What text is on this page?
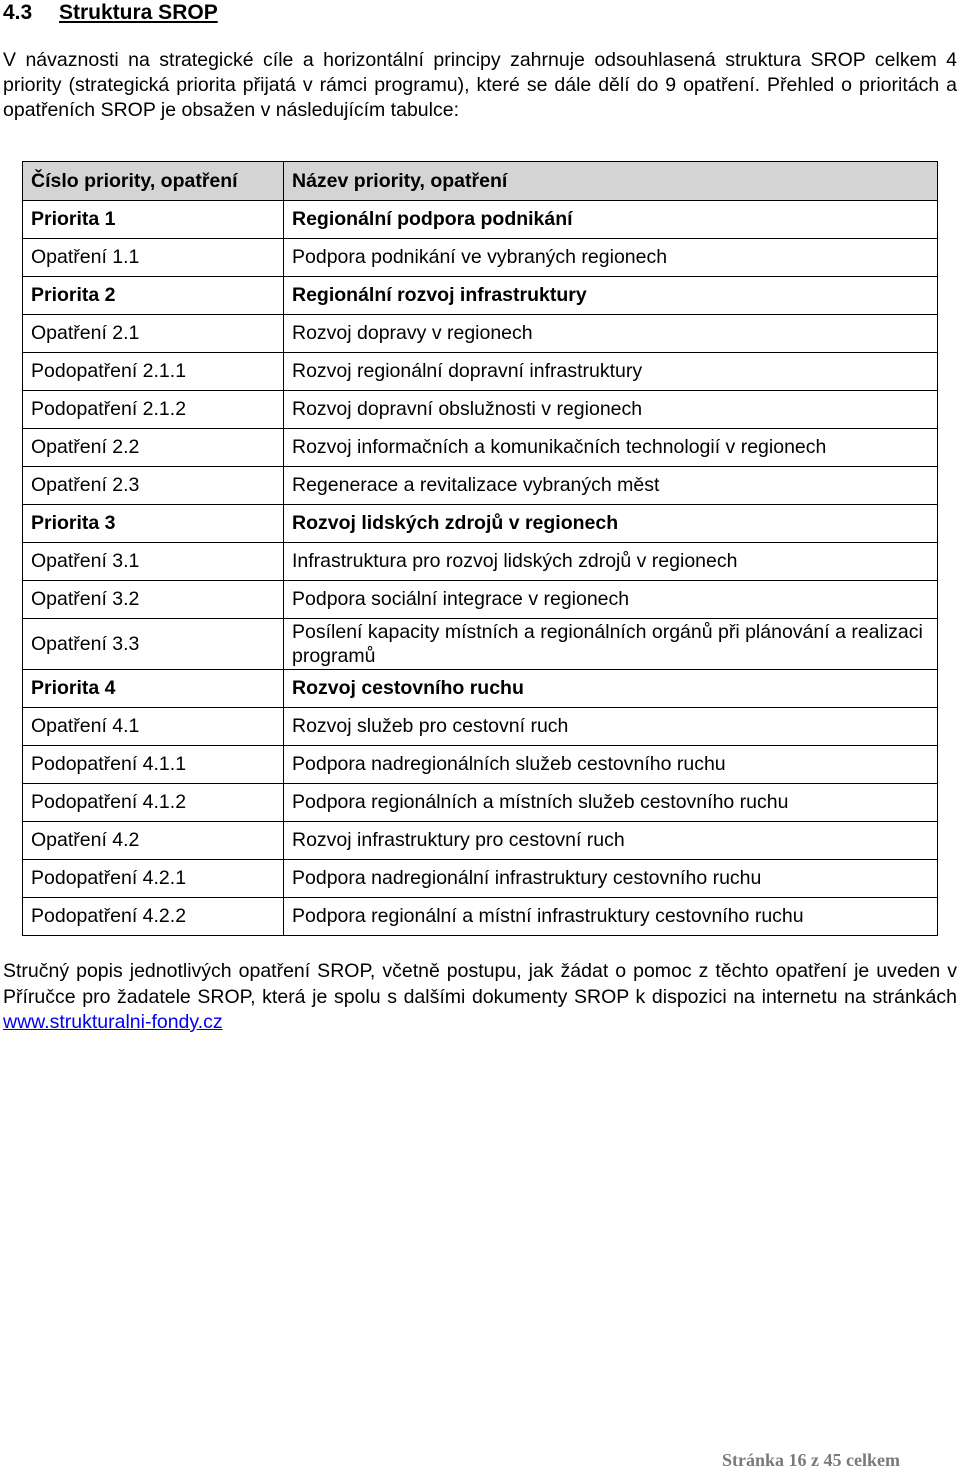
4.3 Struktura SROP

V návaznosti na strategické cíle a horizontální principy zahrnuje odsouhlasená struktura SROP celkem 4 priority (strategická priorita přijatá v rámci programu), které se dále dělí do 9 opatření. Přehled o prioritách a opatřeních SROP je obsažen v následujícím tabulce:

Číslo priority, opatření	Název priority, opatření
Priorita 1	Regionální podpora podnikání
Opatření 1.1	Podpora podnikání ve vybraných regionech
Priorita 2	Regionální rozvoj infrastruktury
Opatření 2.1	Rozvoj dopravy v regionech
Podopatření 2.1.1	Rozvoj regionální dopravní infrastruktury
Podopatření 2.1.2	Rozvoj dopravní obslužnosti v regionech
Opatření 2.2	Rozvoj informačních a komunikačních technologií v regionech
Opatření 2.3	Regenerace a revitalizace vybraných měst
Priorita 3	Rozvoj lidských zdrojů v regionech
Opatření 3.1	Infrastruktura pro rozvoj lidských zdrojů v regionech
Opatření 3.2	Podpora sociální integrace v regionech
Opatření 3.3	Posílení kapacity místních a regionálních orgánů při plánování a realizaci programů
Priorita 4	Rozvoj cestovního ruchu
Opatření 4.1	Rozvoj služeb pro cestovní ruch
Podopatření 4.1.1	Podpora nadregionálních služeb cestovního ruchu
Podopatření 4.1.2	Podpora regionálních a místních služeb cestovního ruchu
Opatření 4.2	Rozvoj infrastruktury pro cestovní ruch
Podopatření 4.2.1	Podpora nadregionální infrastruktury cestovního ruchu
Podopatření 4.2.2	Podpora regionální a místní infrastruktury cestovního ruchu

Stručný popis jednotlivých opatření SROP, včetně postupu, jak žádat o pomoc z těchto opatření je uveden v Příručce pro žadatele SROP, která je spolu s dalšími dokumenty SROP k dispozici na internetu na stránkách www.strukturalni-fondy.cz

Stránka 16 z 45 celkem
